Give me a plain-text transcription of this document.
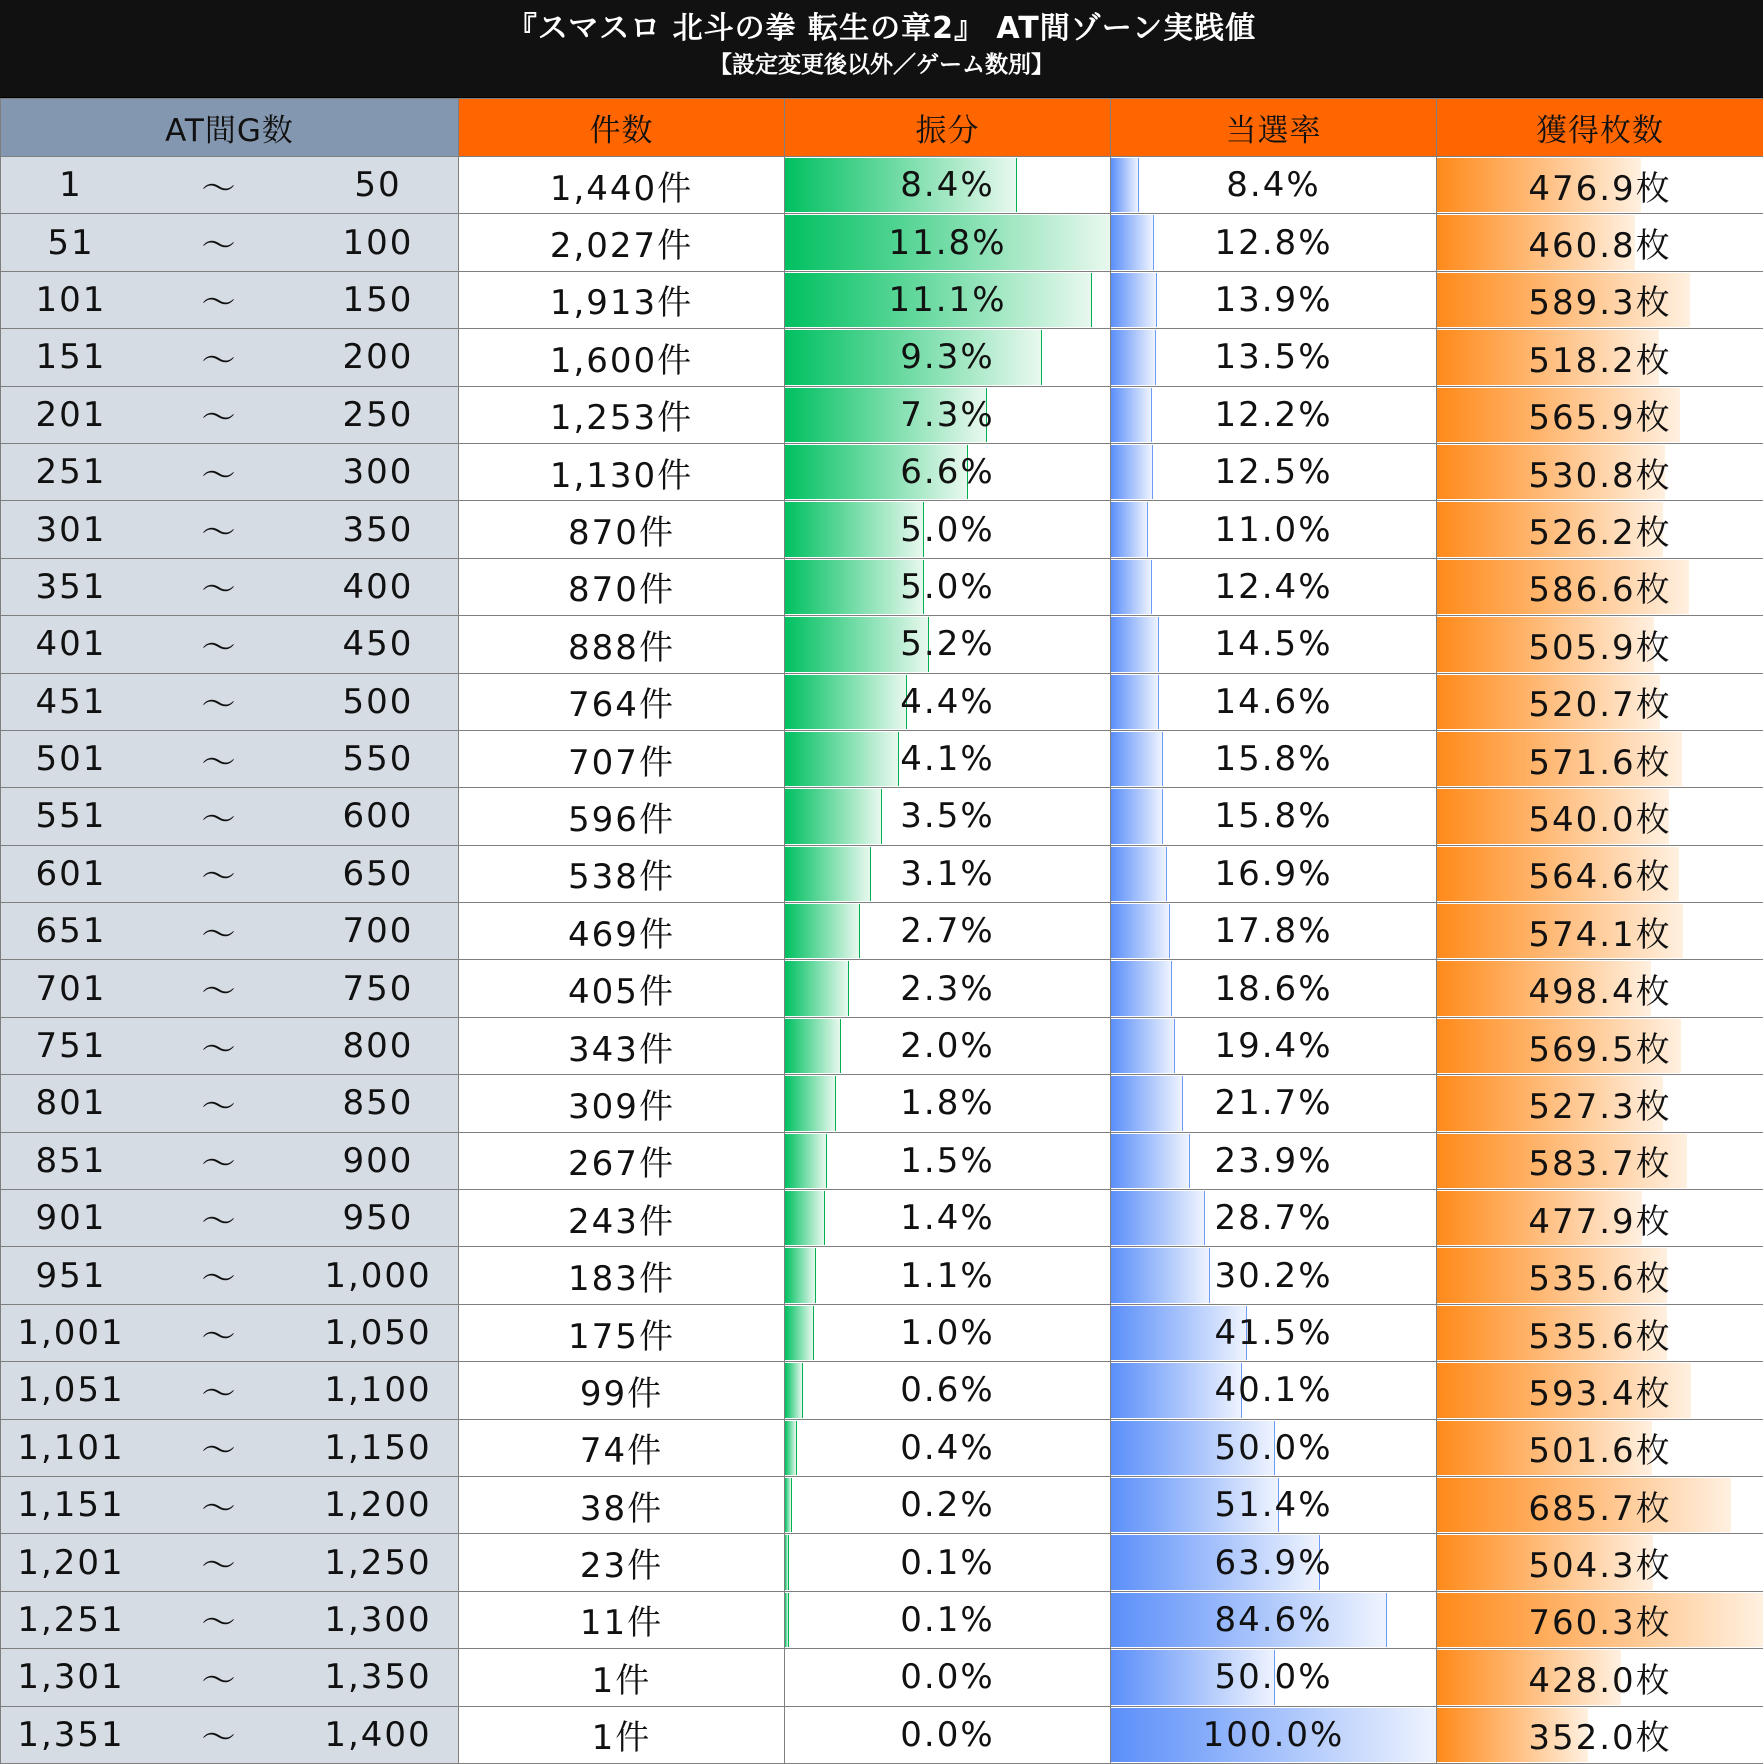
『スマスロ 北斗の拳 転生の章2』 AT間ゾーン実践値
【設定変更後以外／ゲーム数別】
AT間G数	件数	振分	当選率	獲得枚数

1 ～ 50	1,440件	8.4%	8.4%	476.9枚

51 ～ 100	2,027件	11.8%	12.8%	460.8枚

101 ～ 150	1,913件	11.1%	13.9%	589.3枚

151 ～ 200	1,600件	9.3%	13.5%	518.2枚

201 ～ 250	1,253件	7.3%	12.2%	565.9枚

251 ～ 300	1,130件	6.6%	12.5%	530.8枚

301 ～ 350	870件	5.0%	11.0%	526.2枚

351 ～ 400	870件	5.0%	12.4%	586.6枚

401 ～ 450	888件	5.2%	14.5%	505.9枚

451 ～ 500	764件	4.4%	14.6%	520.7枚

501 ～ 550	707件	4.1%	15.8%	571.6枚

551 ～ 600	596件	3.5%	15.8%	540.0枚

601 ～ 650	538件	3.1%	16.9%	564.6枚

651 ～ 700	469件	2.7%	17.8%	574.1枚

701 ～ 750	405件	2.3%	18.6%	498.4枚

751 ～ 800	343件	2.0%	19.4%	569.5枚

801 ～ 850	309件	1.8%	21.7%	527.3枚

851 ～ 900	267件	1.5%	23.9%	583.7枚

901 ～ 950	243件	1.4%	28.7%	477.9枚

951 ～ 1,000	183件	1.1%	30.2%	535.6枚

1,001 ～ 1,050	175件	1.0%	41.5%	535.6枚

1,051 ～ 1,100	99件	0.6%	40.1%	593.4枚

1,101 ～ 1,150	74件	0.4%	50.0%	501.6枚

1,151 ～ 1,200	38件	0.2%	51.4%	685.7枚

1,201 ～ 1,250	23件	0.1%	63.9%	504.3枚

1,251 ～ 1,300	11件	0.1%	84.6%	760.3枚

1,301 ～ 1,350	1件	0.0%	50.0%	428.0枚

1,351 ～ 1,400	1件	0.0%	100.0%	352.0枚
